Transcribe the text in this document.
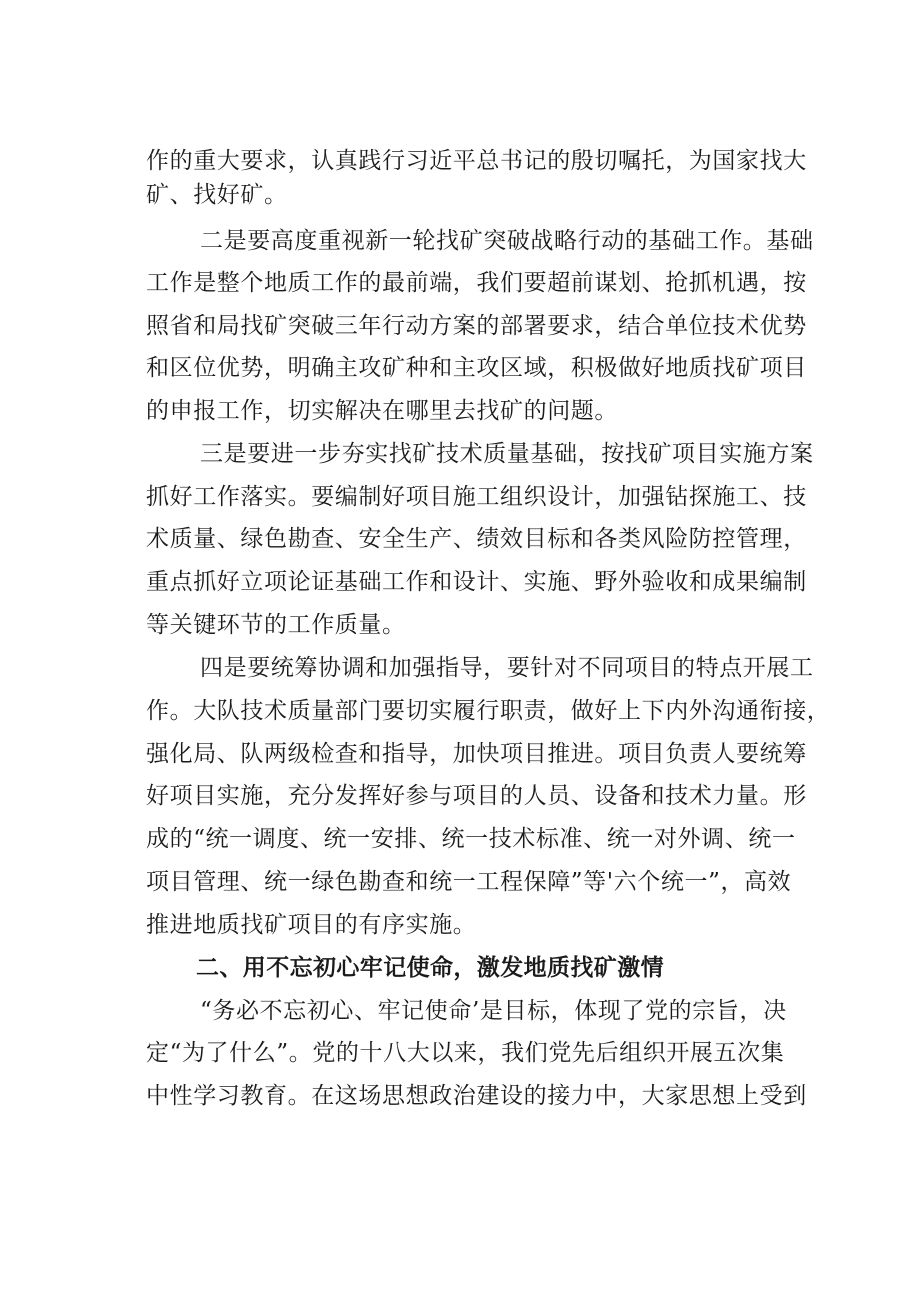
作的重大要求，认真践行习近平总书记的殷切嘱托，为国家找大
矿、找好矿。
二是要高度重视新一轮找矿突破战略行动的基础工作。基础
工作是整个地质工作的最前端，我们要超前谋划、抢抓机遇，按
照省和局找矿突破三年行动方案的部署要求，结合单位技术优势
和区位优势，明确主攻矿种和主攻区域，积极做好地质找矿项目
的申报工作，切实解决在哪里去找矿的问题。
三是要进一步夯实找矿技术质量基础，按找矿项目实施方案
抓好工作落实。要编制好项目施工组织设计，加强钻探施工、技
术质量、绿色勘查、安全生产、绩效目标和各类风险防控管理，
重点抓好立项论证基础工作和设计、实施、野外验收和成果编制
等关键环节的工作质量。
四是要统筹协调和加强指导，要针对不同项目的特点开展工
作。大队技术质量部门要切实履行职责，做好上下内外沟通衔接，
强化局、队两级检查和指导，加快项目推进。项目负责人要统筹
好项目实施，充分发挥好参与项目的人员、设备和技术力量。形
成的“统一调度、统一安排、统一技术标准、统一对外调、统一
项目管理、统一绿色勘查和统一工程保障”等'六个统一”，高效
推进地质找矿项目的有序实施。
二、用不忘初心牢记使命，激发地质找矿激情
“务必不忘初心、牢记使命’是目标，体现了党的宗旨，决
定“为了什么”。党的十八大以来，我们党先后组织开展五次集
中性学习教育。在这场思想政治建设的接力中，大家思想上受到
